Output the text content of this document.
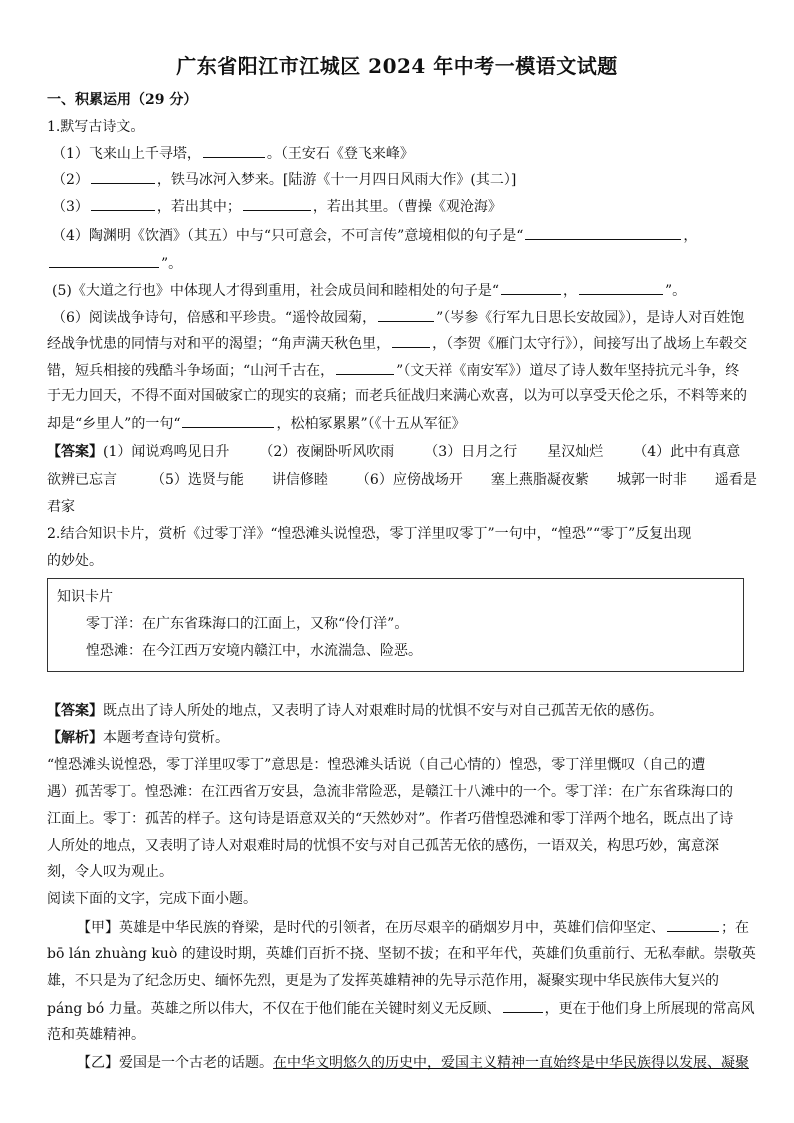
广东省阳江市江城区 2024 年中考一模语文试题
一、积累运用（29 分）
1.默写古诗文。
（1）飞来山上千寻塔，	。（王安石《登飞来峰》
（2）	，铁马冰河入梦来。[陆游《十一月四日风雨大作》(其二）]
（3）	，若出其中；	，若出其里。（曹操《观沧海》
（4）陶渊明《饮酒》（其五）中与“只可意会，不可言传”意境相似的句子是“	，
”。
(5)《大道之行也》中体现人才得到重用，社会成员间和睦相处的句子是“	，	”。
（6）阅读战争诗句，倍感和平珍贵。“遥怜故园菊，	”（岑参《行军九日思长安故园》），是诗人对百姓饱
经战争忧患的同情与对和平的渴望；“角声满天秋色里，	，（李贺《雁门太守行》），间接写出了战场上车毂交
错，短兵相接的残酷斗争场面；“山河千古在，	”（文天祥《南安军》）道尽了诗人数年坚持抗元斗争，终
于无力回天，不得不面对国破家亡的现实的哀痛；而老兵征战归来满心欢喜，以为可以享受天伦之乐，不料等来的
却是“乡里人”的一句“	，松柏冢累累”（《十五从军征》
【答案】(1）闻说鸡鸣见日升 （2）夜阑卧听风吹雨 （3）日月之行 星汉灿烂 （4）此中有真意
欲辨已忘言 （5）选贤与能 讲信修睦 （6）应傍战场开 塞上燕脂凝夜紫 城郭一时非 遥看是
君家
2.结合知识卡片，赏析《过零丁洋》“惶恐滩头说惶恐，零丁洋里叹零丁”一句中，“惶恐”“零丁”反复出现
的妙处。
知识卡片
零丁洋：在广东省珠海口的江面上，又称“伶仃洋”。
惶恐滩：在今江西万安境内赣江中，水流湍急、险恶。
【答案】既点出了诗人所处的地点，又表明了诗人对艰难时局的忧惧不安与对自己孤苦无依的感伤。
【解析】本题考查诗句赏析。
“惶恐滩头说惶恐，零丁洋里叹零丁”意思是：惶恐滩头话说（自己心情的）惶恐，零丁洋里慨叹（自己的遭
遇）孤苦零丁。惶恐滩：在江西省万安县，急流非常险恶，是赣江十八滩中的一个。零丁洋：在广东省珠海口的
江面上。零丁：孤苦的样子。这句诗是语意双关的“天然妙对”。作者巧借惶恐滩和零丁洋两个地名，既点出了诗
人所处的地点，又表明了诗人对艰难时局的忧惧不安与对自己孤苦无依的感伤，一语双关，构思巧妙，寓意深
刻，令人叹为观止。
阅读下面的文字，完成下面小题。
【甲】英雄是中华民族的脊梁，是时代的引领者，在历尽艰辛的硝烟岁月中，英雄们信仰坚定、	；在
bō lán zhuàng kuò 的建设时期，英雄们百折不挠、坚韧不拔；在和平年代，英雄们负重前行、无私奉献。崇敬英
雄，不只是为了纪念历史、缅怀先烈，更是为了发挥英雄精神的先导示范作用，凝聚实现中华民族伟大复兴的
páng bó 力量。英雄之所以伟大，不仅在于他们能在关键时刻义无反顾、	，更在于他们身上所展现的常高风
范和英雄精神。
【乙】爱国是一个古老的话题。在中华文明悠久的历史中，爱国主义精神一直始终是中华民族得以发展、凝聚
